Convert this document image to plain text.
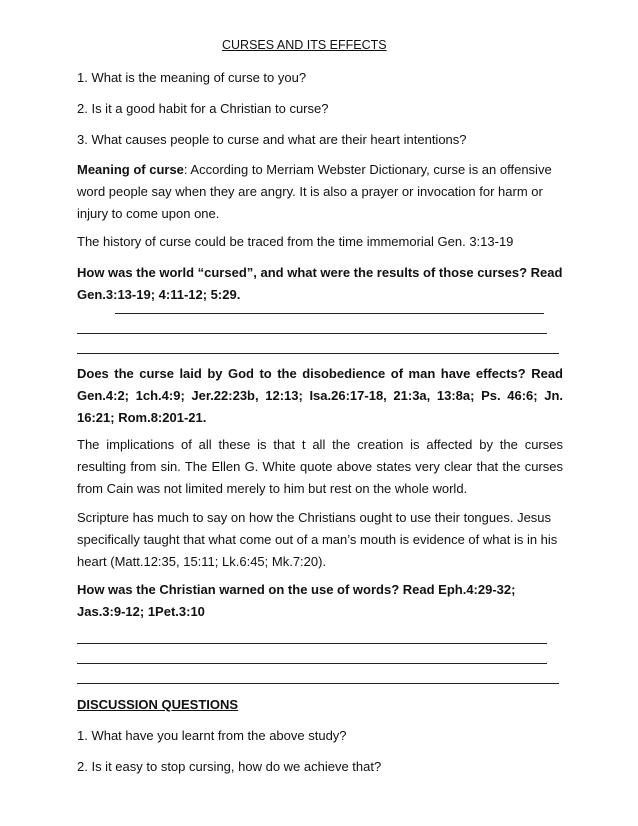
CURSES AND ITS EFFECTS

1. What is the meaning of curse to you?

2. Is it a good habit for a Christian to curse?

3. What causes people to curse and what are their heart intentions?

Meaning of curse: According to Merriam Webster Dictionary, curse is an offensive word people say when they are angry. It is also a prayer or invocation for harm or injury to come upon one.

The history of curse could be traced from the time immemorial Gen. 3:13-19

How was the world “cursed”, and what were the results of those curses? Read Gen.3:13-19; 4:11-12; 5:29.

Does the curse laid by God to the disobedience of man have effects? Read Gen.4:2; 1ch.4:9; Jer.22:23b, 12:13; Isa.26:17-18, 21:3a, 13:8a; Ps. 46:6; Jn. 16:21; Rom.8:201-21.

The implications of all these is that t all the creation is affected by the curses resulting from sin. The Ellen G. White quote above states very clear that the curses from Cain was not limited merely to him but rest on the whole world.

Scripture has much to say on how the Christians ought to use their tongues. Jesus specifically taught that what come out of a man’s mouth is evidence of what is in his heart (Matt.12:35, 15:11; Lk.6:45; Mk.7:20).

How was the Christian warned on the use of words? Read Eph.4:29-32; Jas.3:9-12; 1Pet.3:10

DISCUSSION QUESTIONS

1. What have you learnt from the above study?

2. Is it easy to stop cursing, how do we achieve that?
